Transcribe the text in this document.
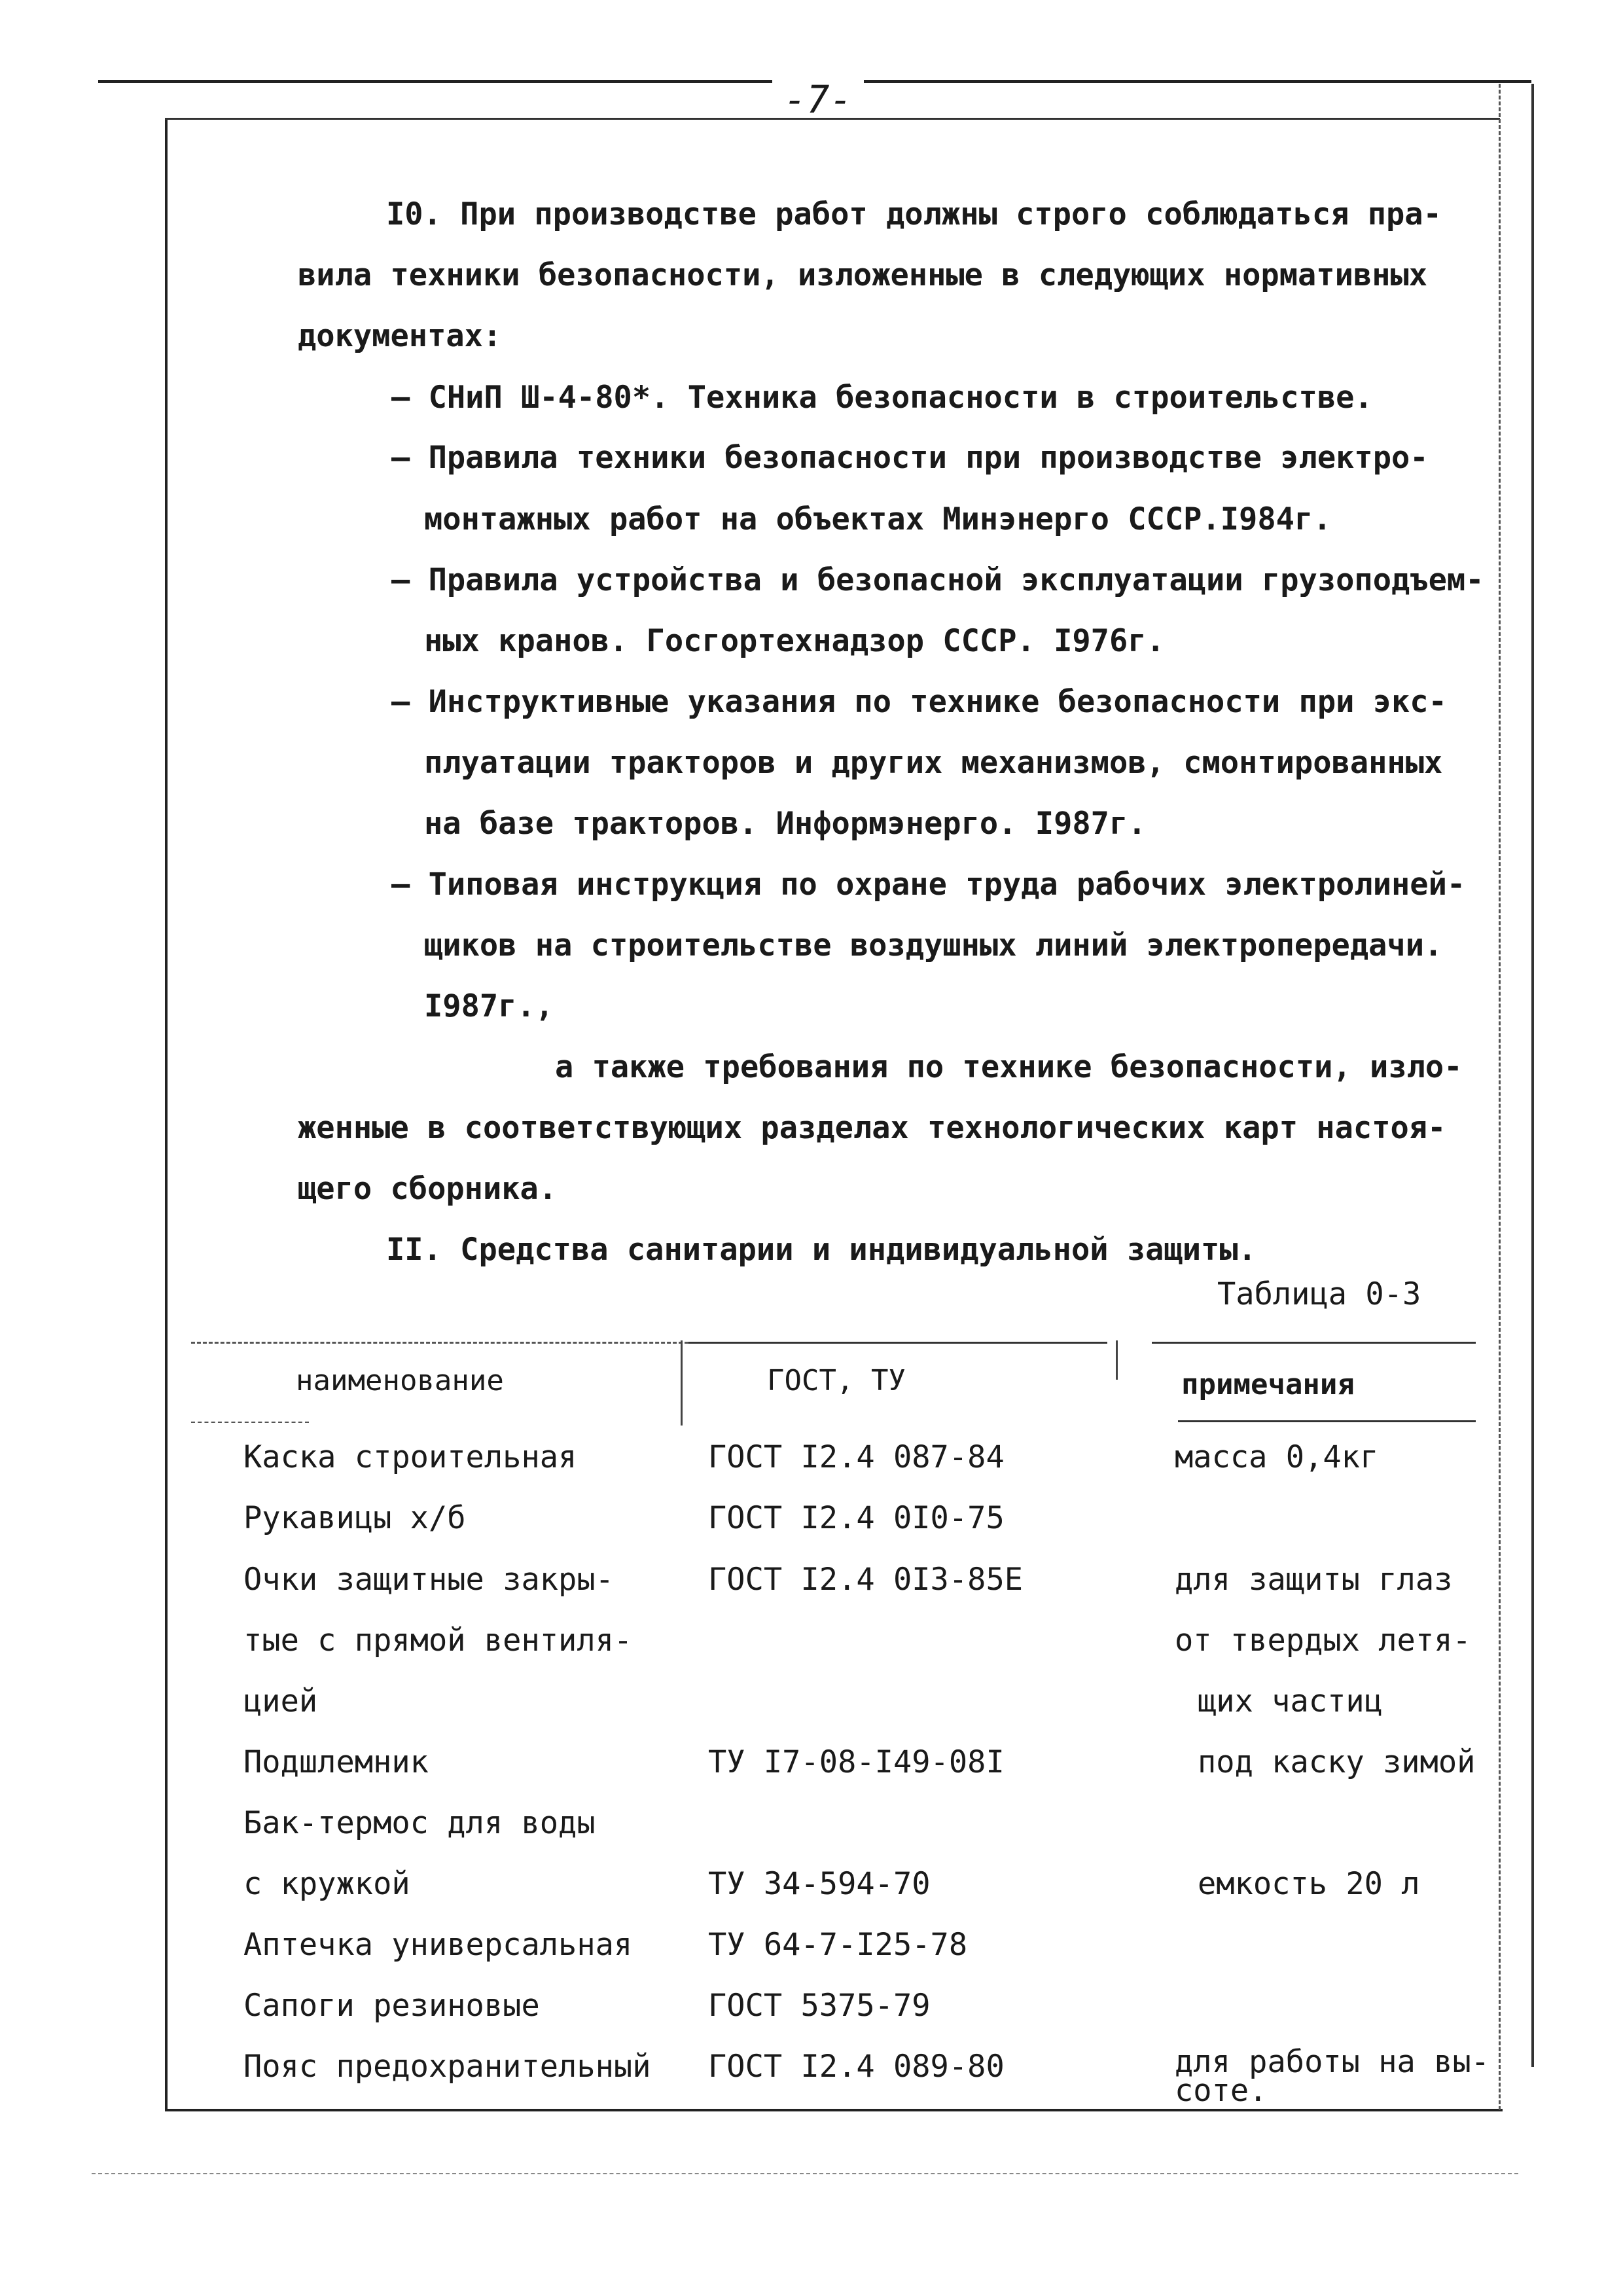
-7-
I0. При производстве работ должны строго соблюдаться пра-
вила техники безопасности, изложенные в следующих нормативных
документах:
– СНиП Ш-4-80*. Техника безопасности в строительстве.
– Правила техники безопасности при производстве электро-
монтажных работ на объектах Минэнерго СССР.I984г.
– Правила устройства и безопасной эксплуатации грузоподъем-
ных кранов. Госгортехнадзор СССР. I976г.
– Инструктивные указания по технике безопасности при экс-
плуатации тракторов и других механизмов, смонтированных
на базе тракторов. Информэнерго. I987г.
– Типовая инструкция по охране труда рабочих электролиней-
щиков на строительстве воздушных линий электропередачи.
I987г.,
а также требования по технике безопасности, изло-
женные в соответствующих разделах технологических карт настоя-
щего сборника.
II. Средства санитарии и индивидуальной защиты.
Таблица 0-3
наименование	ГОСТ, ТУ	примечания
Каска строительная	ГОСТ I2.4 087-84	масса 0,4кг
Рукавицы х/б	ГОСТ I2.4 0I0-75
Очки защитные закры-
тые с прямой вентиля-
цией
ГОСТ I2.4 0I3-85Е	для защиты глаз
от твердых летя-
щих частиц
Подшлемник	ТУ I7-08-I49-08I	под каску зимой
Бак-термос для воды
с кружкой	ТУ 34-594-70	емкость 20 л
Аптечка универсальная ТУ 64-7-I25-78
Сапоги резиновые	ГОСТ 5375-79
Пояс предохранительный ГОСТ I2.4 089-80	для работы на вы-
соте.
